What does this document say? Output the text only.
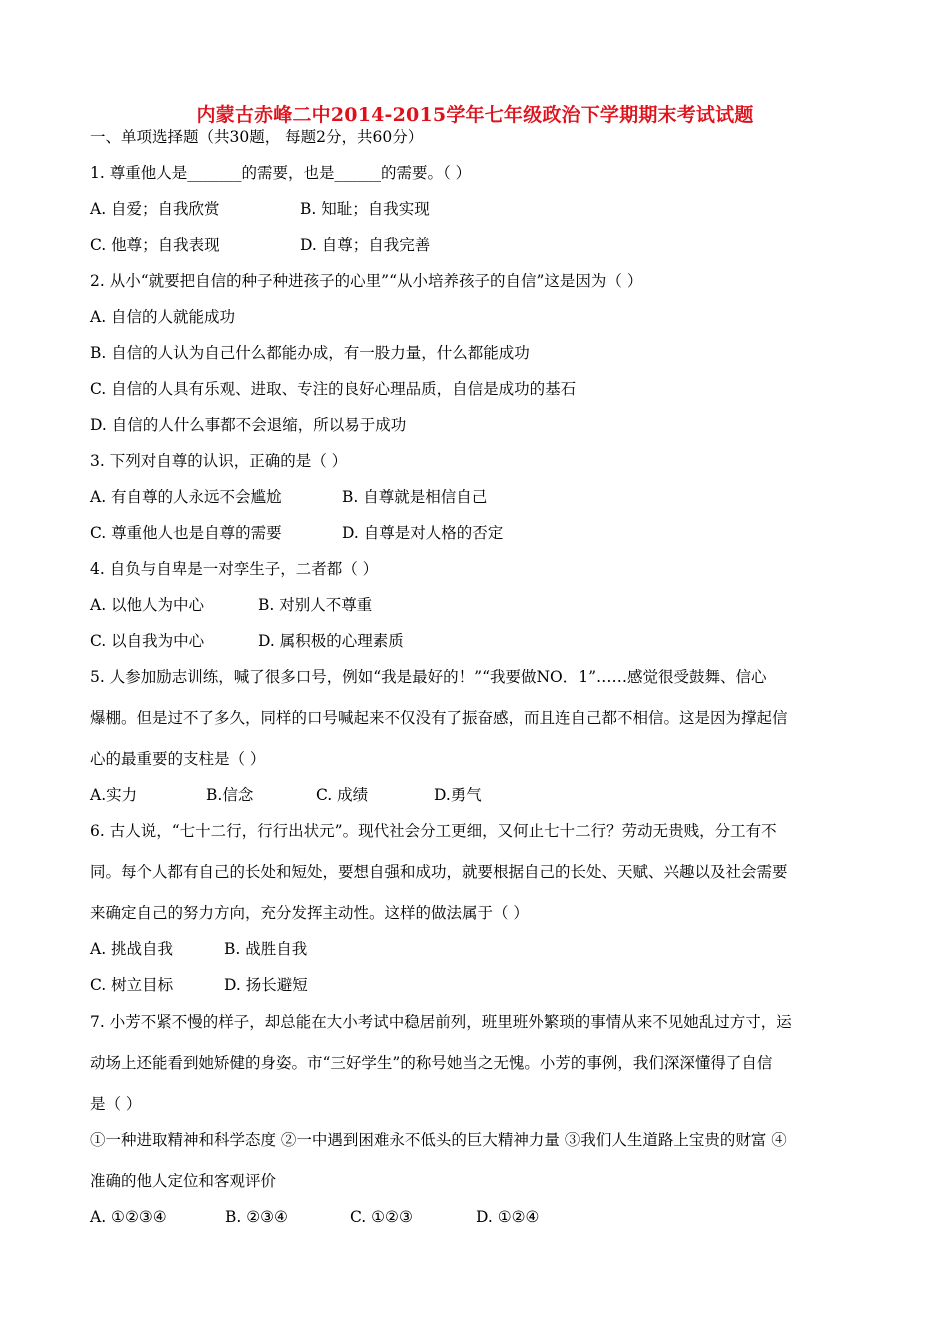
内蒙古赤峰二中2014-2015学年七年级政治下学期期末考试试题
一、单项选择题（共30题， 每题2分，共60分）
1. 尊重他人是_______的需要，也是______的需要。（ ）
A. 自爱；自我欣赏	B. 知耻；自我实现
C. 他尊；自我表现	D. 自尊；自我完善
2. 从小“就要把自信的种子种进孩子的心里”“从小培养孩子的自信”这是因为（ ）
A. 自信的人就能成功
B. 自信的人认为自己什么都能办成，有一股力量，什么都能成功
C. 自信的人具有乐观、进取、专注的良好心理品质，自信是成功的基石
D. 自信的人什么事都不会退缩，所以易于成功
3. 下列对自尊的认识，正确的是（ ）
A. 有自尊的人永远不会尴尬	B. 自尊就是相信自己
C. 尊重他人也是自尊的需要	D. 自尊是对人格的否定
4. 自负与自卑是一对孪生子，二者都（ ）
A. 以他人为中心	B. 对别人不尊重
C. 以自我为中心	D. 属积极的心理素质
5. 人参加励志训练，喊了很多口号，例如“我是最好的！”“我要做NO．1”……感觉很受鼓舞、信心
爆棚。但是过不了多久，同样的口号喊起来不仅没有了振奋感，而且连自己都不相信。这是因为撑起信
心的最重要的支柱是（ ）
A.实力	B.信念	C. 成绩	D.勇气
6. 古人说，“七十二行，行行出状元”。现代社会分工更细，又何止七十二行？劳动无贵贱，分工有不
同。每个人都有自己的长处和短处，要想自强和成功，就要根据自己的长处、天赋、兴趣以及社会需要
来确定自己的努力方向，充分发挥主动性。这样的做法属于（ ）
A. 挑战自我	B. 战胜自我
C. 树立目标	D. 扬长避短
7. 小芳不紧不慢的样子，却总能在大小考试中稳居前列，班里班外繁琐的事情从来不见她乱过方寸，运
动场上还能看到她矫健的身姿。市“三好学生”的称号她当之无愧。小芳的事例，我们深深懂得了自信
是（ ）
①一种进取精神和科学态度 ②一中遇到困难永不低头的巨大精神力量 ③我们人生道路上宝贵的财富 ④
准确的他人定位和客观评价
A. ①②③④	B. ②③④	C. ①②③	D. ①②④
